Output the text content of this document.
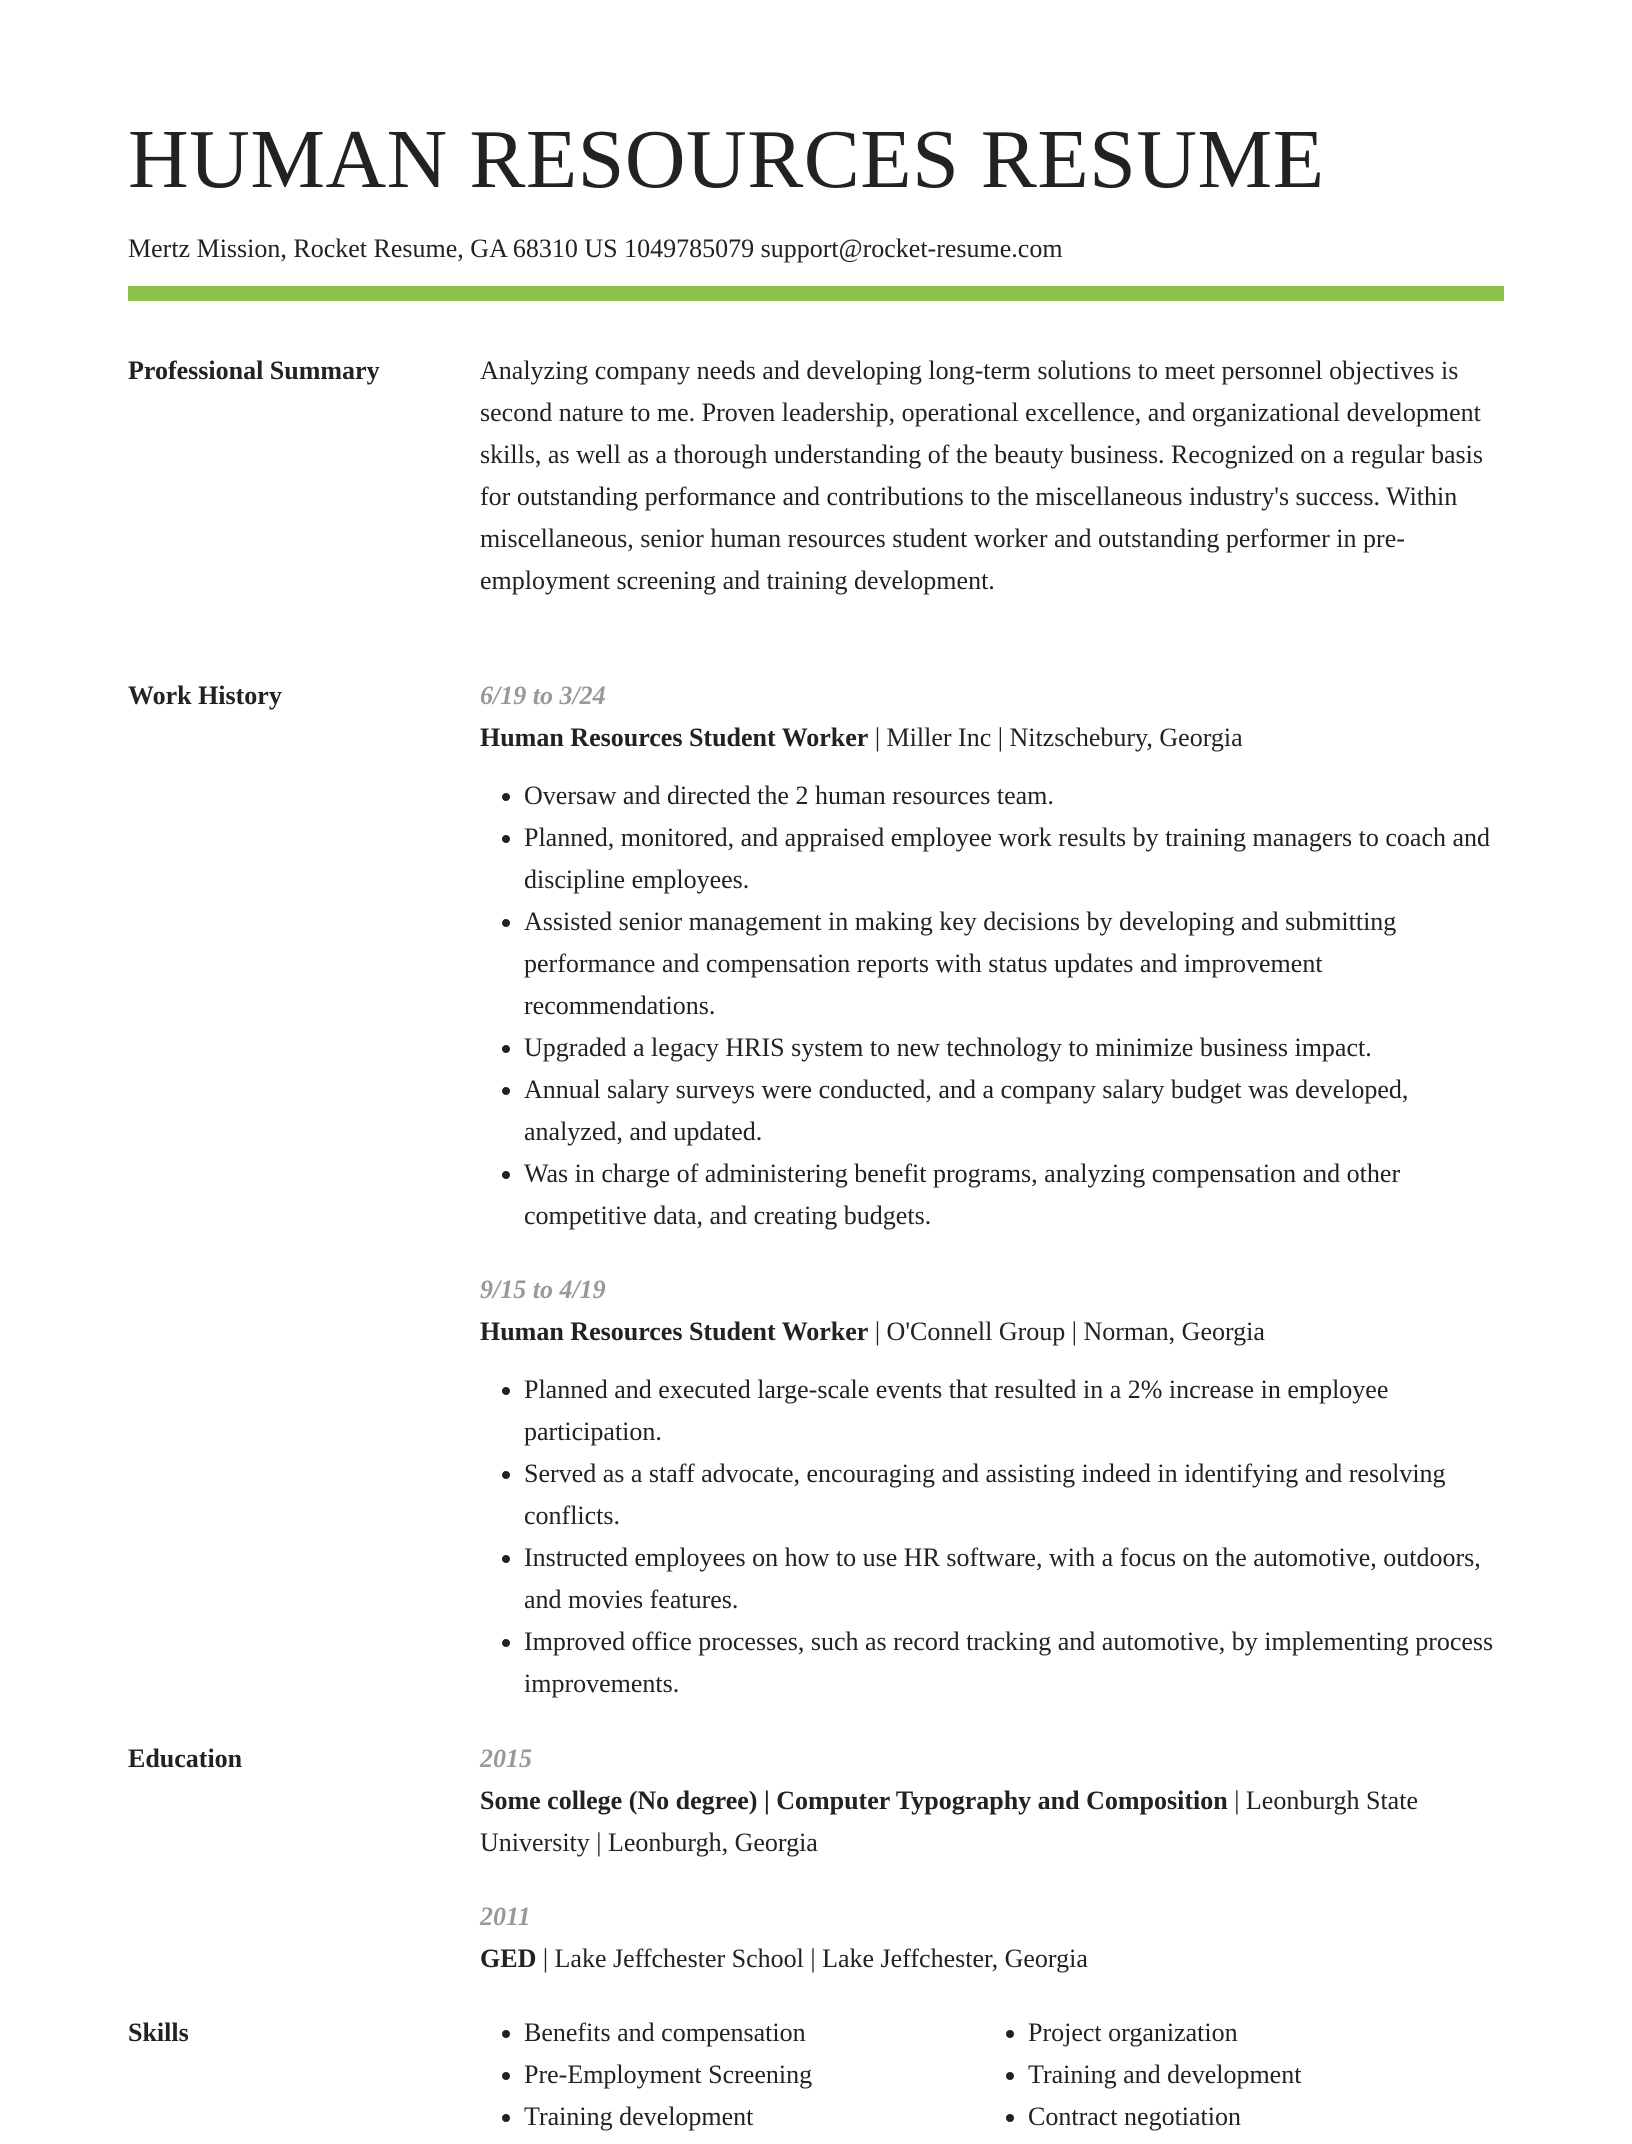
HUMAN RESOURCES RESUME
Mertz Mission, Rocket Resume, GA 68310 US 1049785079 support@rocket-resume.com
Professional Summary	Analyzing company needs and developing long-term solutions to meet personnel objectives is second nature to me. Proven leadership, operational excellence, and organizational development skills, as well as a thorough understanding of the beauty business. Recognized on a regular basis for outstanding performance and contributions to the miscellaneous industry's success. Within miscellaneous, senior human resources student worker and outstanding performer in pre-employment screening and training development.

Work History	6/19 to 3/24
Human Resources Student Worker | Miller Inc | Nitzschebury, Georgia
• Oversaw and directed the 2 human resources team.
• Planned, monitored, and appraised employee work results by training managers to coach and discipline employees.
• Assisted senior management in making key decisions by developing and submitting performance and compensation reports with status updates and improvement recommendations.
• Upgraded a legacy HRIS system to new technology to minimize business impact.
• Annual salary surveys were conducted, and a company salary budget was developed, analyzed, and updated.
• Was in charge of administering benefit programs, analyzing compensation and other competitive data, and creating budgets.
9/15 to 4/19
Human Resources Student Worker | O'Connell Group | Norman, Georgia
• Planned and executed large-scale events that resulted in a 2% increase in employee participation.
• Served as a staff advocate, encouraging and assisting indeed in identifying and resolving conflicts.
• Instructed employees on how to use HR software, with a focus on the automotive, outdoors, and movies features.
• Improved office processes, such as record tracking and automotive, by implementing process improvements.
Education	2015
Some college (No degree) | Computer Typography and Composition | Leonburgh State University | Leonburgh, Georgia
2011
GED | Lake Jeffchester School | Lake Jeffchester, Georgia
Skills
•	Benefits and compensation
• Pre-Employment Screening
• Training development
• Project organization
• Training and development
• Contract negotiation
